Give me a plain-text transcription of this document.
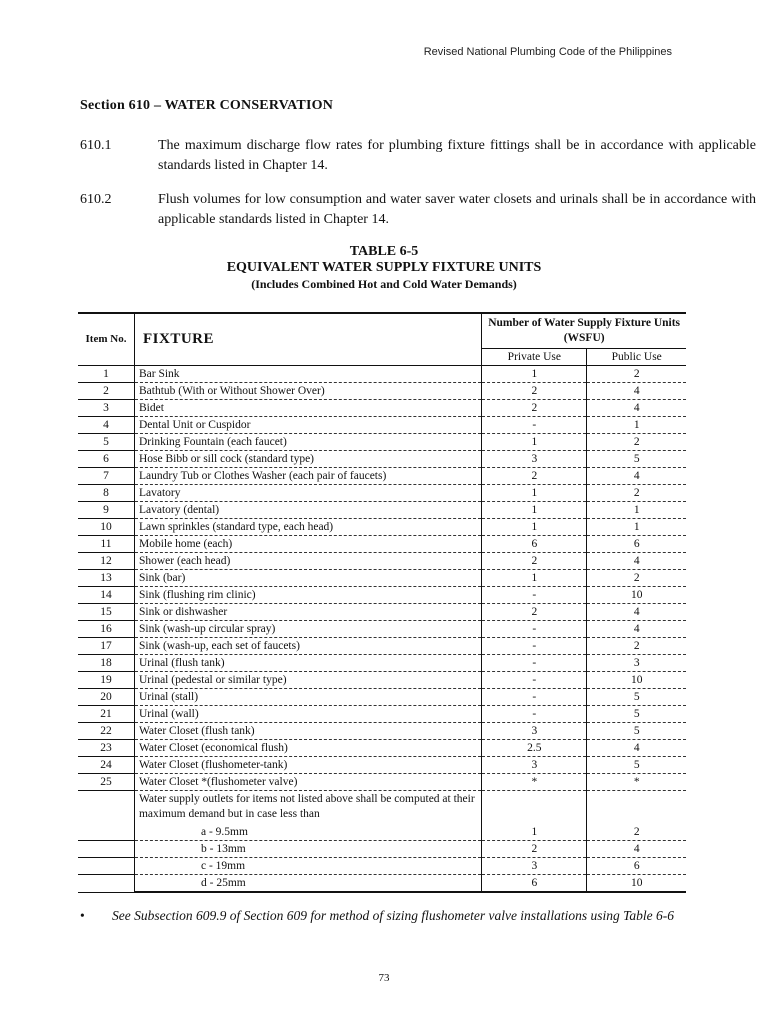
Revised National Plumbing Code of the Philippines
Section 610 – WATER CONSERVATION
610.1	The maximum discharge flow rates for plumbing fixture fittings shall be in accordance with applicable standards listed in Chapter 14.
610.2	Flush volumes for low consumption and water saver water closets and urinals shall be in accordance with applicable standards listed in Chapter 14.
TABLE 6-5
EQUIVALENT WATER SUPPLY FIXTURE UNITS
(Includes Combined Hot and Cold Water Demands)
Item No.	FIXTURE	Number of Water Supply Fixture Units (WSFU)	
		Private Use	Public Use
1	Bar Sink	1	2
2	Bathtub (With or Without Shower Over)	2	4
3	Bidet	2	4
4	Dental Unit or Cuspidor	-	1
5	Drinking Fountain (each faucet)	1	2
6	Hose Bibb or sill cock (standard type)	3	5
7	Laundry Tub or Clothes Washer (each pair of faucets)	2	4
8	Lavatory	1	2
9	Lavatory (dental)	1	1
10	Lawn sprinkles (standard type, each head)	1	1
11	Mobile home (each)	6	6
12	Shower (each head)	2	4
13	Sink (bar)	1	2
14	Sink (flushing rim clinic)	-	10
15	Sink or dishwasher	2	4
16	Sink (wash-up circular spray)	-	4
17	Sink (wash-up, each set of faucets)	-	2
18	Urinal (flush tank)	-	3
19	Urinal (pedestal or similar type)	-	10
20	Urinal (stall)	-	5
21	Urinal (wall)	-	5
22	Water Closet (flush tank)	3	5
23	Water Closet (economical flush)	2.5	4
24	Water Closet (flushometer-tank)	3	5
25	Water Closet *(flushometer valve)	*	*
	Water supply outlets for items not listed above shall be computed at their maximum demand but in case less than		
	a - 9.5mm	1	2
	b - 13mm	2	4
	c - 19mm	3	6
	d - 25mm	6	10
• See Subsection 609.9 of Section 609 for method of sizing flushometer valve installations using Table 6-6
73
